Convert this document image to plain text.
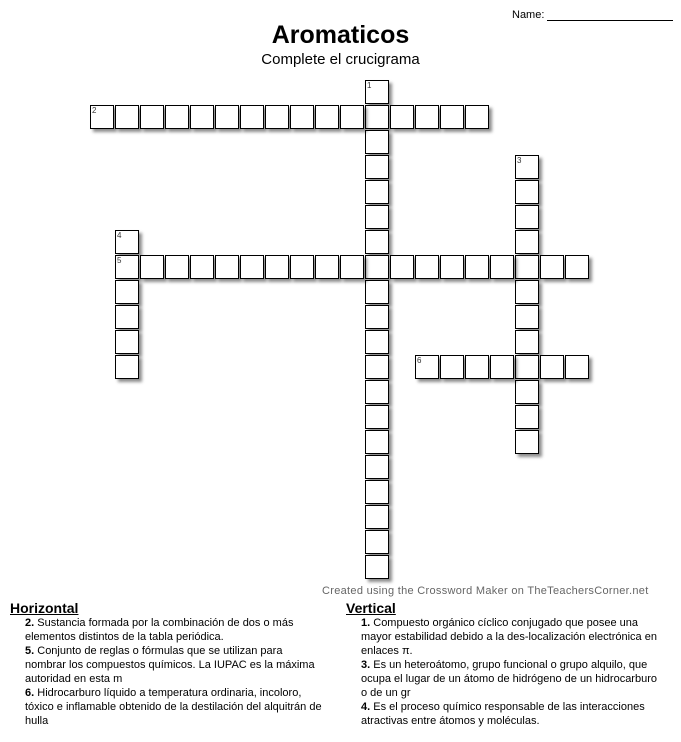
Name:
Aromaticos
Complete el crucigrama
1
2
3
4
5
6
Created using the Crossword Maker on TheTeachersCorner.net
Horizontal
2. Sustancia formada por la combinación de dos o más elementos distintos de la tabla periódica.
5. Conjunto de reglas o fórmulas que se utilizan para nombrar los compuestos químicos. La IUPAC es la máxima autoridad en esta m
6. Hidrocarburo líquido a temperatura ordinaria, incoloro, tóxico e inflamable obtenido de la destilación del alquitrán de hulla
Vertical
1. Compuesto orgánico cíclico conjugado que posee una mayor estabilidad debido a la des-localización electrónica en enlaces π.
3. Es un heteroátomo, grupo funcional o grupo alquilo, que ocupa el lugar de un átomo de hidrógeno de un hidrocarburo o de un gr
4. Es el proceso químico responsable de las interacciones atractivas entre átomos y moléculas.
